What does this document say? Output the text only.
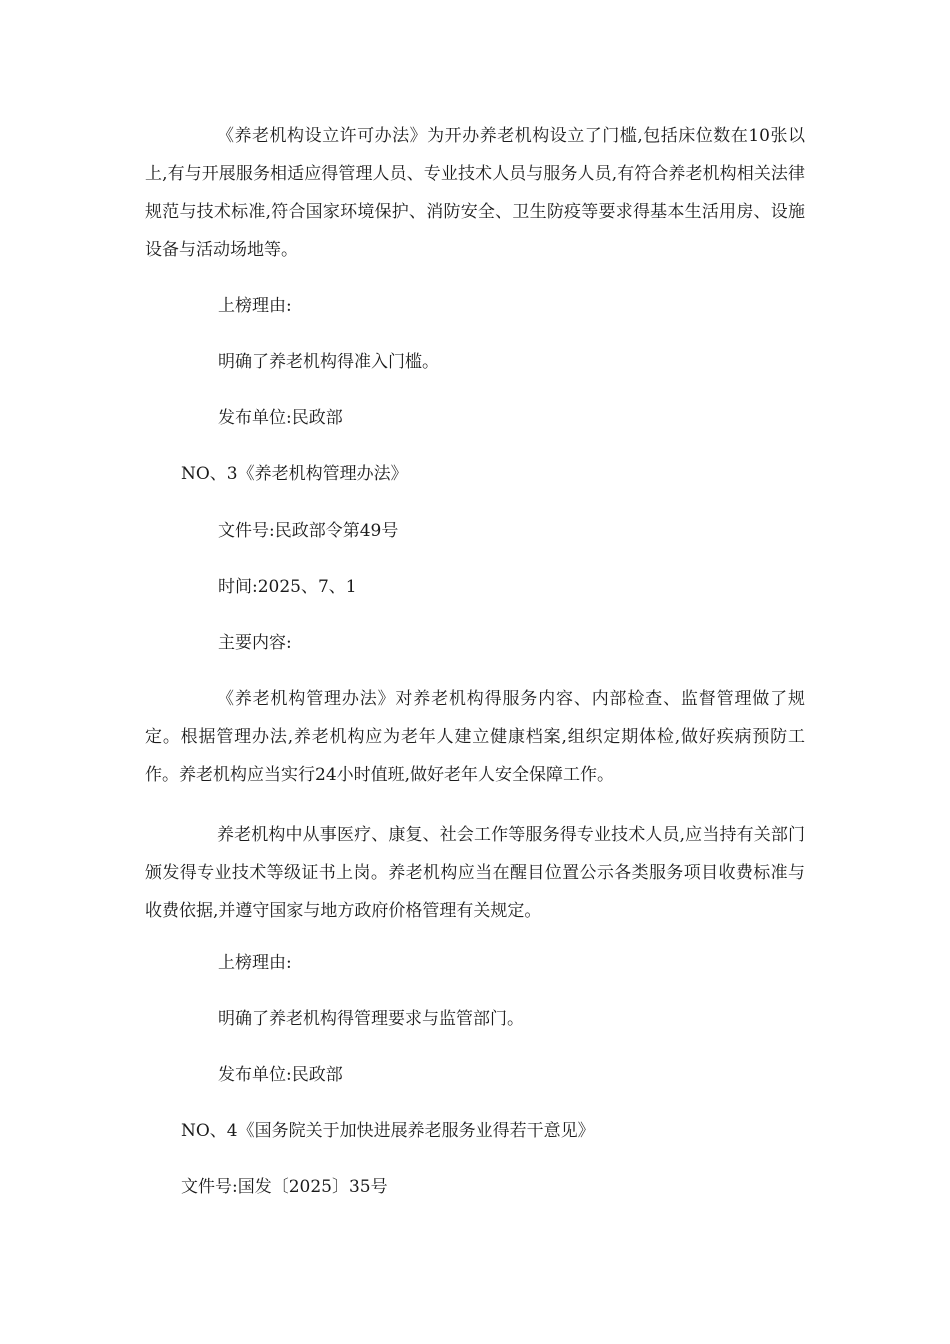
《养老机构设立许可办法》为开办养老机构设立了门槛,包括床位数在10张以上,有与开展服务相适应得管理人员、专业技术人员与服务人员,有符合养老机构相关法律规范与技术标准,符合国家环境保护、消防安全、卫生防疫等要求得基本生活用房、设施设备与活动场地等。

上榜理由:

明确了养老机构得准入门槛。

发布单位:民政部

NO、3《养老机构管理办法》

文件号:民政部令第49号

时间:2025、7、1

主要内容:

《养老机构管理办法》对养老机构得服务内容、内部检查、监督管理做了规定。根据管理办法,养老机构应为老年人建立健康档案,组织定期体检,做好疾病预防工作。养老机构应当实行24小时值班,做好老年人安全保障工作。

养老机构中从事医疗、康复、社会工作等服务得专业技术人员,应当持有关部门颁发得专业技术等级证书上岗。养老机构应当在醒目位置公示各类服务项目收费标准与收费依据,并遵守国家与地方政府价格管理有关规定。

上榜理由:

明确了养老机构得管理要求与监管部门。

发布单位:民政部

NO、4《国务院关于加快进展养老服务业得若干意见》

文件号:国发〔2025〕35号
